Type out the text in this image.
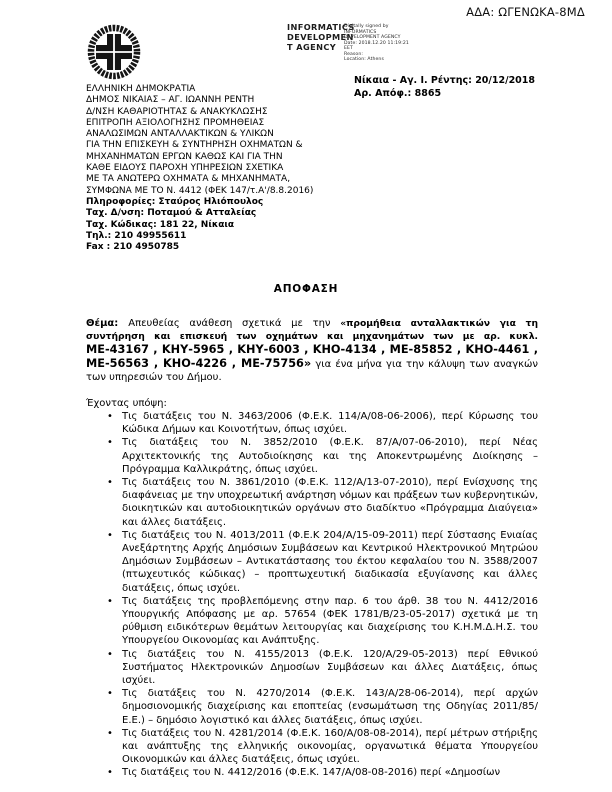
ΑΔΑ: ΩΓΕΝΩΚΑ-8ΜΔ
INFORMATICS
DEVELOPMEN
T AGENCY
Digitally signed by
INFORMATICS
DEVELOPMENT AGENCY
Date: 2018.12.20 11:19:21
EET
Reason:
Location: Athens
ΕΛΛΗΝΙΚΗ ΔΗΜΟΚΡΑΤΙΑ
ΔΗΜΟΣ ΝΙΚΑΙΑΣ – ΑΓ. ΙΩΑΝΝΗ ΡΕΝΤΗ
Δ/ΝΣΗ ΚΑΘΑΡΙΟΤΗΤΑΣ & ΑΝΑΚΥΚΛΩΣΗΣ
ΕΠΙΤΡΟΠΗ ΑΞΙΟΛΟΓΗΣΗΣ ΠΡΟΜΗΘΕΙΑΣ
ΑΝΑΛΩΣΙΜΩΝ ΑΝΤΑΛΛΑΚΤΙΚΩΝ & ΥΛΙΚΩΝ
ΓΙΑ ΤΗΝ ΕΠΙΣΚΕΥΗ & ΣΥΝΤΗΡΗΣΗ ΟΧΗΜΑΤΩΝ &
ΜΗΧΑΝΗΜΑΤΩΝ ΕΡΓΩΝ ΚΑΘΩΣ ΚΑΙ ΓΙΑ ΤΗΝ
ΚΑΘΕ ΕΙΔΟΥΣ ΠΑΡΟΧΗ ΥΠΗΡΕΣΙΩΝ ΣΧΕΤΙΚΑ
ΜΕ ΤΑ ΑΝΩΤΕΡΩ ΟΧΗΜΑΤΑ & ΜΗΧΑΝΗΜΑΤΑ,
ΣΥΜΦΩΝΑ ΜΕ ΤΟ Ν. 4412 (ΦΕΚ 147/τ.Α'/8.8.2016)
Πληροφορίες: Σταύρος Ηλιόπουλος
Ταχ. Δ/νση: Ποταμού & Ατταλείας
Ταχ. Κώδικας: 181 22, Νίκαια
Τηλ.: 210 49955611
Fax : 210 4950785
Νίκαια - Αγ. Ι. Ρέντης: 20/12/2018
Αρ. Απόφ.: 8865
ΑΠΟΦΑΣΗ

Θέμα: Απευθείας ανάθεση σχετικά με την «προμήθεια ανταλλακτικών για τη συντήρηση και επισκευή των οχημάτων και μηχανημάτων των με αρ. κυκλ. ΜΕ-43167 , ΚΗΥ-5965 , ΚΗΥ-6003 , ΚΗΟ-4134 , ΜΕ-85852 , ΚΗΟ-4461 , ΜΕ-56563 , ΚΗΟ-4226 , ΜΕ-75756» για ένα μήνα για την κάλυψη των αναγκών των υπηρεσιών του Δήμου.

Έχοντας υπόψη:
• Τις διατάξεις του Ν. 3463/2006 (Φ.Ε.Κ. 114/Α/08-06-2006), περί Κύρωσης του Κώδικα Δήμων και Κοινοτήτων, όπως ισχύει.
• Τις διατάξεις του Ν. 3852/2010 (Φ.Ε.Κ. 87/Α/07-06-2010), περί Νέας Αρχιτεκτονικής της Αυτοδιοίκησης και της Αποκεντρωμένης Διοίκησης – Πρόγραμμα Καλλικράτης, όπως ισχύει.
• Τις διατάξεις του Ν. 3861/2010 (Φ.Ε.Κ. 112/Α/13-07-2010), περί Ενίσχυσης της διαφάνειας με την υποχρεωτική ανάρτηση νόμων και πράξεων των κυβερνητικών, διοικητικών και αυτοδιοικητικών οργάνων στο διαδίκτυο «Πρόγραμμα Διαύγεια» και άλλες διατάξεις.
• Τις διατάξεις του Ν. 4013/2011 (Φ.Ε.Κ 204/Α/15-09-2011) περί Σύστασης Ενιαίας Ανεξάρτητης Αρχής Δημόσιων Συμβάσεων και Κεντρικού Ηλεκτρονικού Μητρώου Δημόσιων Συμβάσεων – Αντικατάστασης του έκτου κεφαλαίου του Ν. 3588/2007 (πτωχευτικός κώδικας) – προπτωχευτική διαδικασία εξυγίανσης και άλλες διατάξεις, όπως ισχύει.
• Τις διατάξεις της προβλεπόμενης στην παρ. 6 του άρθ. 38 του Ν. 4412/2016 Υπουργικής Απόφασης με αρ. 57654 (ΦΕΚ 1781/Β/23-05-2017) σχετικά με τη ρύθμιση ειδικότερων θεμάτων λειτουργίας και διαχείρισης του Κ.Η.Μ.Δ.Η.Σ. του Υπουργείου Οικονομίας και Ανάπτυξης.
• Τις διατάξεις του Ν. 4155/2013 (Φ.Ε.Κ. 120/Α/29-05-2013) περί Εθνικού Συστήματος Ηλεκτρονικών Δημοσίων Συμβάσεων και άλλες Διατάξεις, όπως ισχύει.
• Τις διατάξεις του Ν. 4270/2014 (Φ.Ε.Κ. 143/Α/28-06-2014), περί αρχών δημοσιονομικής διαχείρισης και εποπτείας (ενσωμάτωση της Οδηγίας 2011/85/Ε.Ε.) – δημόσιο λογιστικό και άλλες διατάξεις, όπως ισχύει.
• Τις διατάξεις του Ν. 4281/2014 (Φ.Ε.Κ. 160/Α/08-08-2014), περί μέτρων στήριξης και ανάπτυξης της ελληνικής οικονομίας, οργανωτικά θέματα Υπουργείου Οικονομικών και άλλες διατάξεις, όπως ισχύει.
• Τις διατάξεις του Ν. 4412/2016 (Φ.Ε.Κ. 147/Α/08-08-2016) περί «Δημοσίων
